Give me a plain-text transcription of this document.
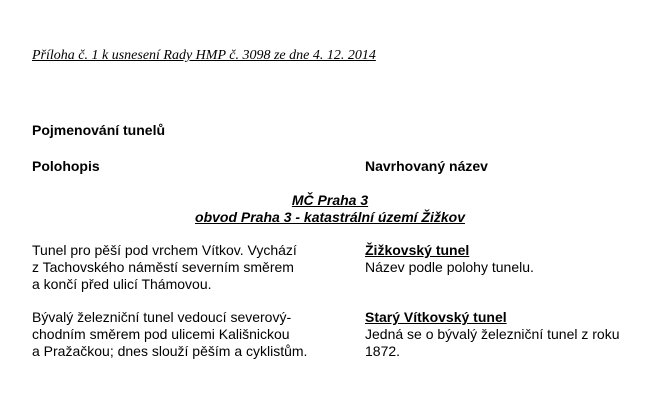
Příloha č. 1 k usnesení Rady HMP č. 3098 ze dne 4. 12. 2014
Pojmenování tunelů
Polohopis	Navrhovaný název
MČ Praha 3
obvod Praha 3 - katastrální území Žižkov
Tunel pro pěší pod vrchem Vítkov. Vychází
z Tachovského náměstí severním směrem
a končí před ulicí Thámovou.
Žižkovský tunel
Název podle polohy tunelu.
Bývalý železniční tunel vedoucí severový-
chodním směrem pod ulicemi Kališnickou
a Pražačkou; dnes slouží pěším a cyklistům.
Starý Vítkovský tunel
Jedná se o bývalý železniční tunel z roku
1872.
